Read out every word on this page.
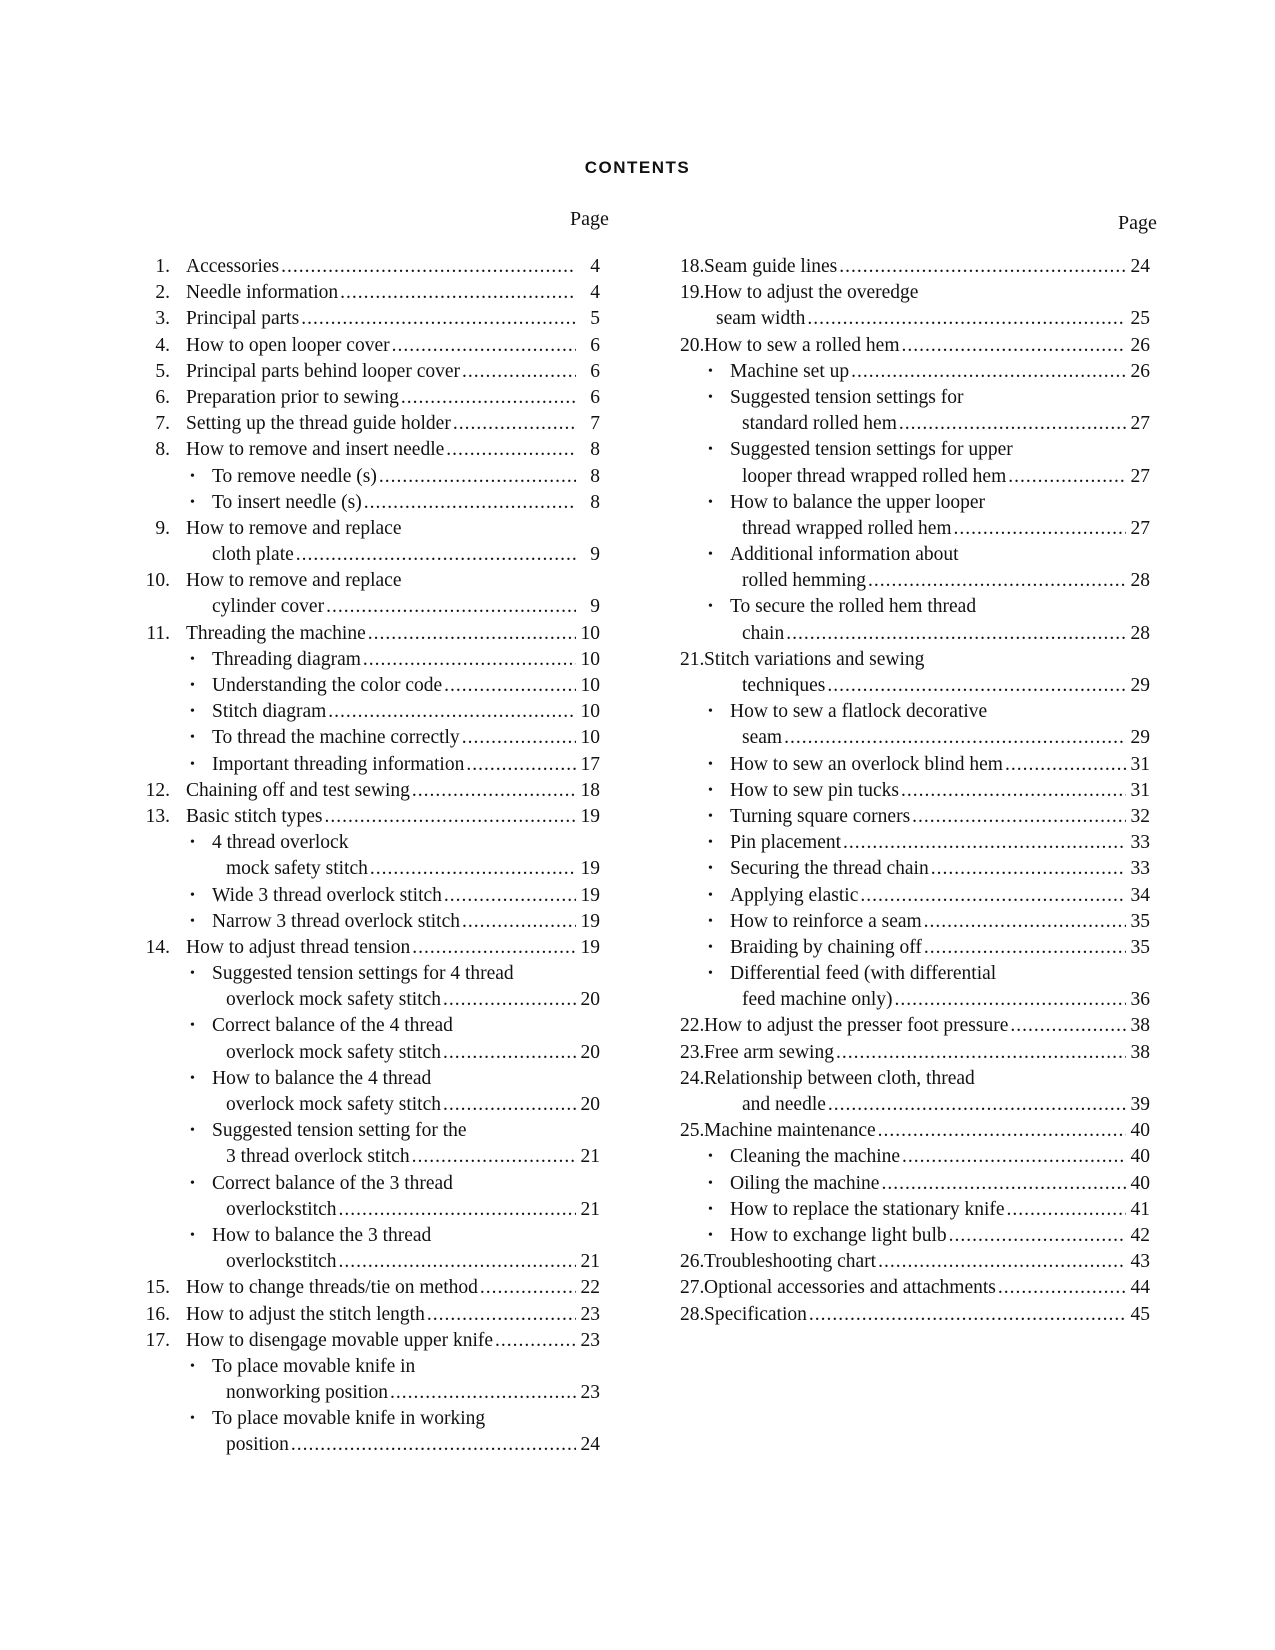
CONTENTS
Page
1. Accessories .....	4
2. Needle information .....	4
3. Principal parts .....	5
4. How to open looper cover .....	6
5. Principal parts behind looper cover .....	6
6. Preparation prior to sewing .....	6
7. Setting up the thread guide holder .....	7
8. How to remove and insert needle .....	8
• To remove needle (s) .....	8
• To insert needle (s) .....	8
9. How to remove and replace
cloth plate .....	9
10. How to remove and replace
cylinder cover .....	9
11. Threading the machine .....	10
• Threading diagram .....	10
• Understanding the color code .....	10
• Stitch diagram .....	10
• To thread the machine correctly .....	10
• Important threading information .....	17
12. Chaining off and test sewing .....	18
13. Basic stitch types .....	19
• 4 thread overlock
mock safety stitch .....	19
• Wide 3 thread overlock stitch .....	19
• Narrow 3 thread overlock stitch .....	19
14. How to adjust thread tension .....	19
• Suggested tension settings for 4 thread
overlock mock safety stitch .....	20
• Correct balance of the 4 thread
overlock mock safety stitch .....	20
• How to balance the 4 thread
overlock mock safety stitch .....	20
• Suggested tension setting for the
3 thread overlock stitch .....	21
• Correct balance of the 3 thread
overlockstitch .....	21
• How to balance the 3 thread
overlockstitch .....	21
15. How to change threads/tie on method .....	22
16. How to adjust the stitch length .....	23
17. How to disengage movable upper knife .....	23
• To place movable knife in
nonworking position .....	23
• To place movable knife in working
position .....	24
Page
18. Seam guide lines .....	24
19. How to adjust the overedge
seam width .....	25
20. How to sew a rolled hem .....	26
• Machine set up .....	26
• Suggested tension settings for
standard rolled hem .....	27
• Suggested tension settings for upper
looper thread wrapped rolled hem .....	27
• How to balance the upper looper
thread wrapped rolled hem .....	27
• Additional information about
rolled hemming .....	28
• To secure the rolled hem thread
chain .....	28
21. Stitch variations and sewing
techniques .....	29
• How to sew a flatlock decorative
seam .....	29
• How to sew an overlock blind hem .....	31
• How to sew pin tucks .....	31
• Turning square corners .....	32
• Pin placement .....	33
• Securing the thread chain .....	33
• Applying elastic .....	34
• How to reinforce a seam .....	35
• Braiding by chaining off .....	35
• Differential feed (with differential
feed machine only) .....	36
22. How to adjust the presser foot pressure .....	38
23. Free arm sewing .....	38
24. Relationship between cloth, thread
and needle .....	39
25. Machine maintenance .....	40
• Cleaning the machine .....	40
• Oiling the machine .....	40
• How to replace the stationary knife .....	41
• How to exchange light bulb .....	42
26. Troubleshooting chart .....	43
27. Optional accessories and attachments .....	44
28. Specification .....	45
